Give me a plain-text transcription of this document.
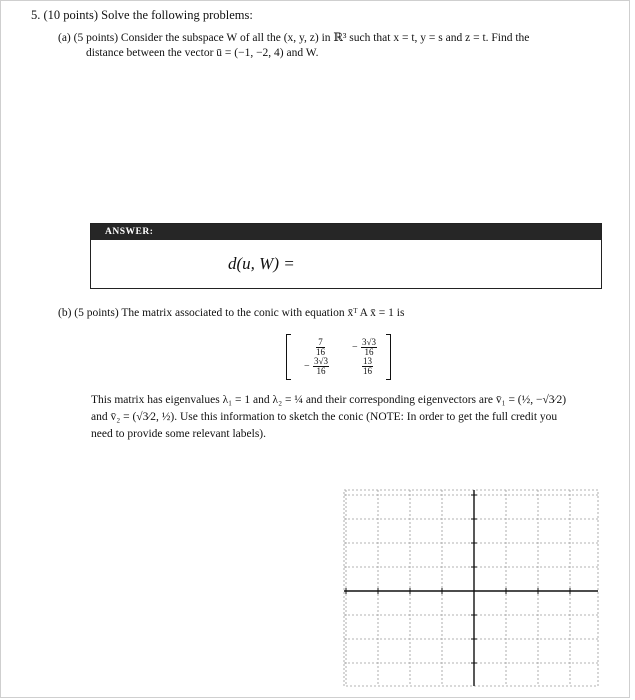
5. (10 points) Solve the following problems:
(a) (5 points) Consider the subspace W of all the (x, y, z) in ℝ³ such that x = t, y = s and z = t. Find the
distance between the vector ū = (−1, −2, 4) and W.
ANSWER:
d(u, W) =
(b) (5 points) The matrix associated to the conic with equation x̄ᵀ A x̄ = 1 is
$\frac{7}{16}$	− $\frac{3√3}{16}$
− $\frac{3√3}{16}$	$\frac{13}{16}$
This matrix has eigenvalues λ₁ = 1 and λ₂ = ¼ and their corresponding eigenvectors are v̄₁ = (½, −√3⁄2)
and v̄₂ = (√3⁄2, ½). Use this information to sketch the conic (NOTE: In order to get the full credit you
need to provide some relevant labels).
